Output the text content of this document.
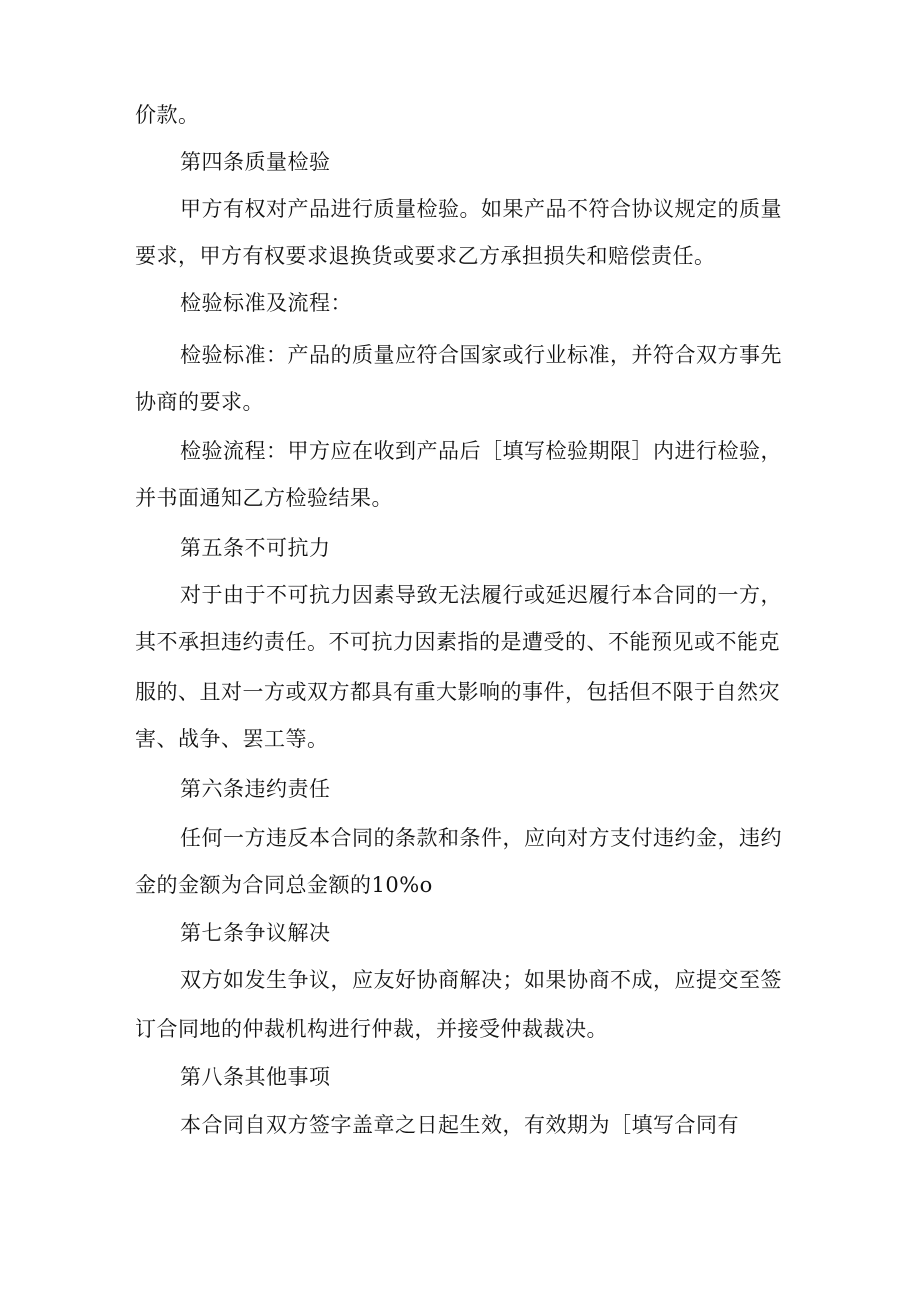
价款。
第四条质量检验
甲方有权对产品进行质量检验。如果产品不符合协议规定的质量
要求，甲方有权要求退换货或要求乙方承担损失和赔偿责任。
检验标准及流程：
检验标准：产品的质量应符合国家或行业标准，并符合双方事先
协商的要求。
检验流程：甲方应在收到产品后［填写检验期限］内进行检验，
并书面通知乙方检验结果。
第五条不可抗力
对于由于不可抗力因素导致无法履行或延迟履行本合同的一方，
其不承担违约责任。不可抗力因素指的是遭受的、不能预见或不能克
服的、且对一方或双方都具有重大影响的事件，包括但不限于自然灾
害、战争、罢工等。
第六条违约责任
任何一方违反本合同的条款和条件，应向对方支付违约金，违约
金的金额为合同总金额的10%o
第七条争议解决
双方如发生争议，应友好协商解决；如果协商不成，应提交至签
订合同地的仲裁机构进行仲裁，并接受仲裁裁决。
第八条其他事项
本合同自双方签字盖章之日起生效，有效期为［填写合同有
